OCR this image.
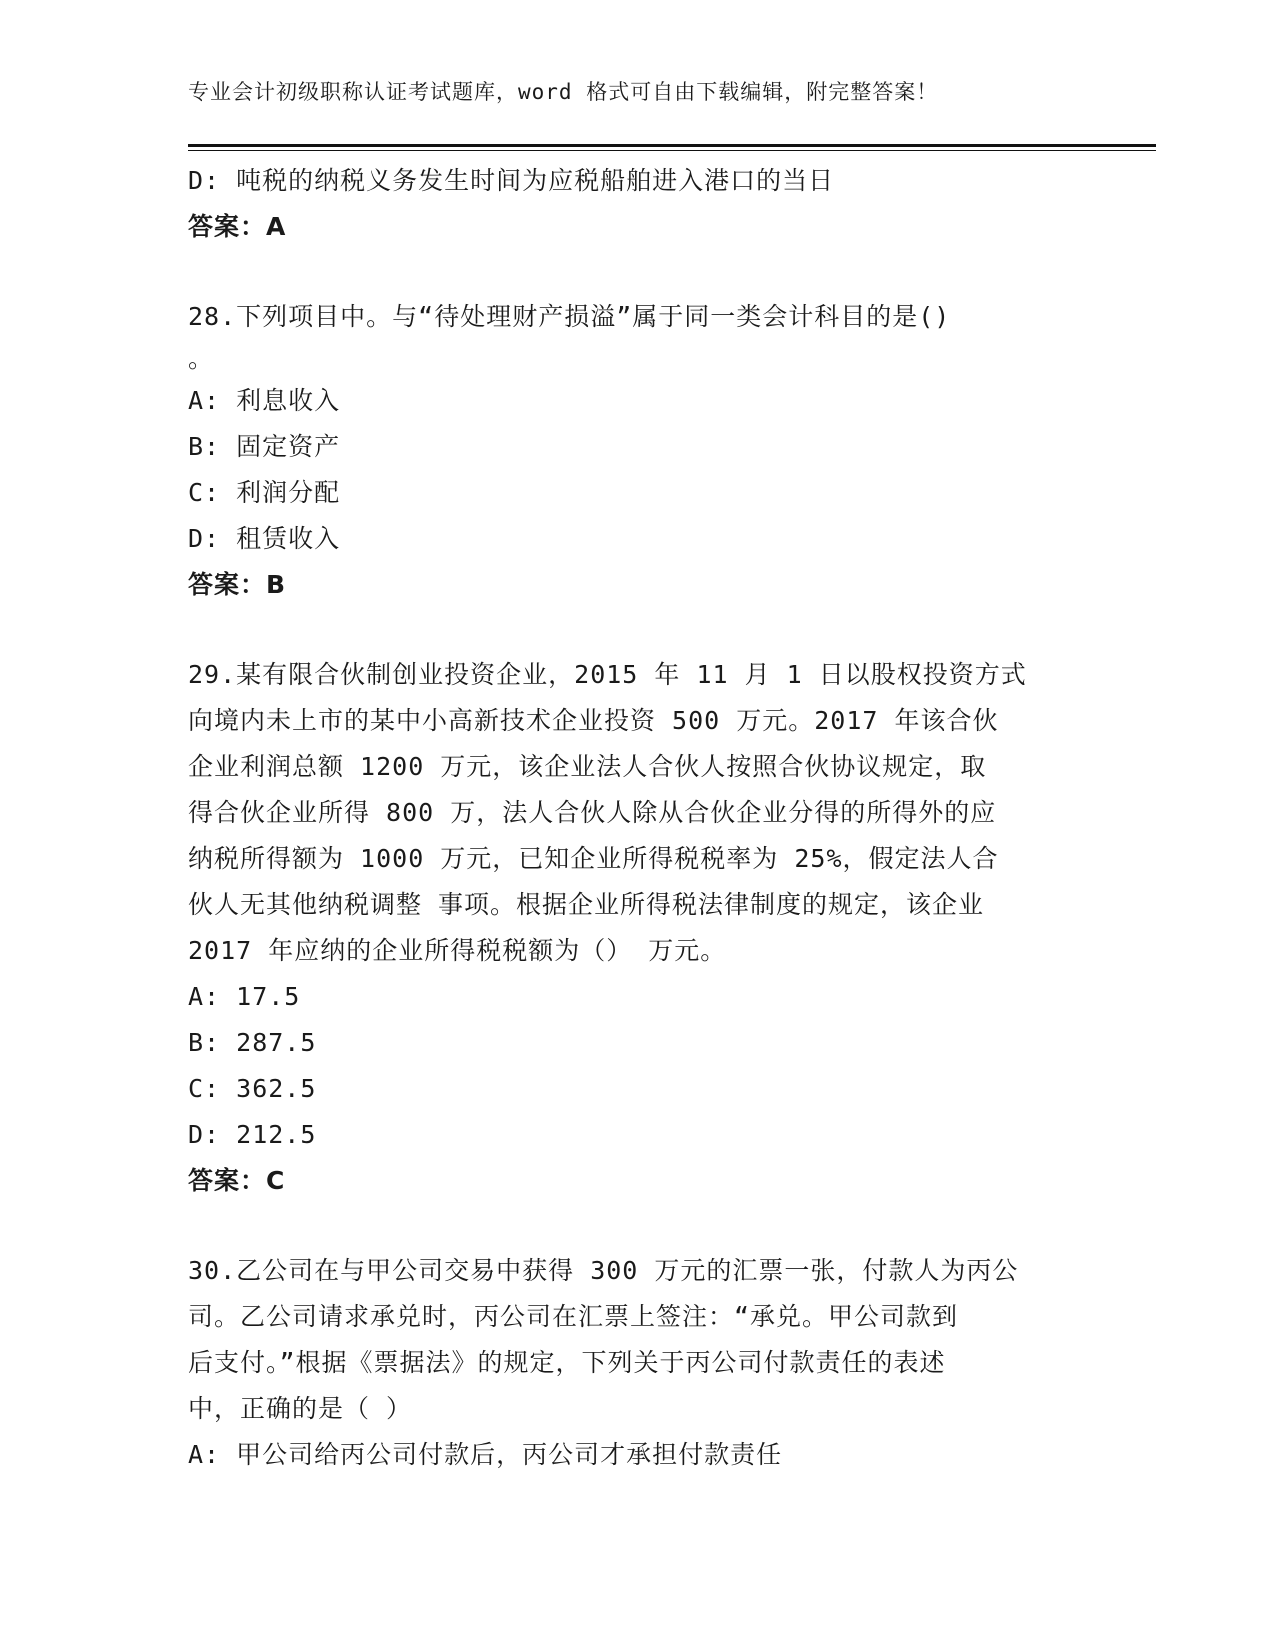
专业会计初级职称认证考试题库，word 格式可自由下载编辑，附完整答案！
D: 吨税的纳税义务发生时间为应税船舶进入港口的当日
答案：A
28.下列项目中。与“待处理财产损溢”属于同一类会计科目的是()
。
A: 利息收入
B: 固定资产
C: 利润分配
D: 租赁收入
答案：B
29.某有限合伙制创业投资企业，2015 年 11 月 1 日以股权投资方式
向境内未上市的某中小高新技术企业投资 500 万元。2017 年该合伙
企业利润总额 1200 万元，该企业法人合伙人按照合伙协议规定，取
得合伙企业所得 800 万，法人合伙人除从合伙企业分得的所得外的应
纳税所得额为 1000 万元，已知企业所得税税率为 25%，假定法人合
伙人无其他纳税调整 事项。根据企业所得税法律制度的规定，该企业
2017 年应纳的企业所得税税额为（） 万元。
A: 17.5
B: 287.5
C: 362.5
D: 212.5
答案：C
30.乙公司在与甲公司交易中获得 300 万元的汇票一张，付款人为丙公
司。乙公司请求承兑时，丙公司在汇票上签注：“承兑。甲公司款到
后支付。”根据《票据法》的规定，下列关于丙公司付款责任的表述
中，正确的是（ ）
A: 甲公司给丙公司付款后，丙公司才承担付款责任
